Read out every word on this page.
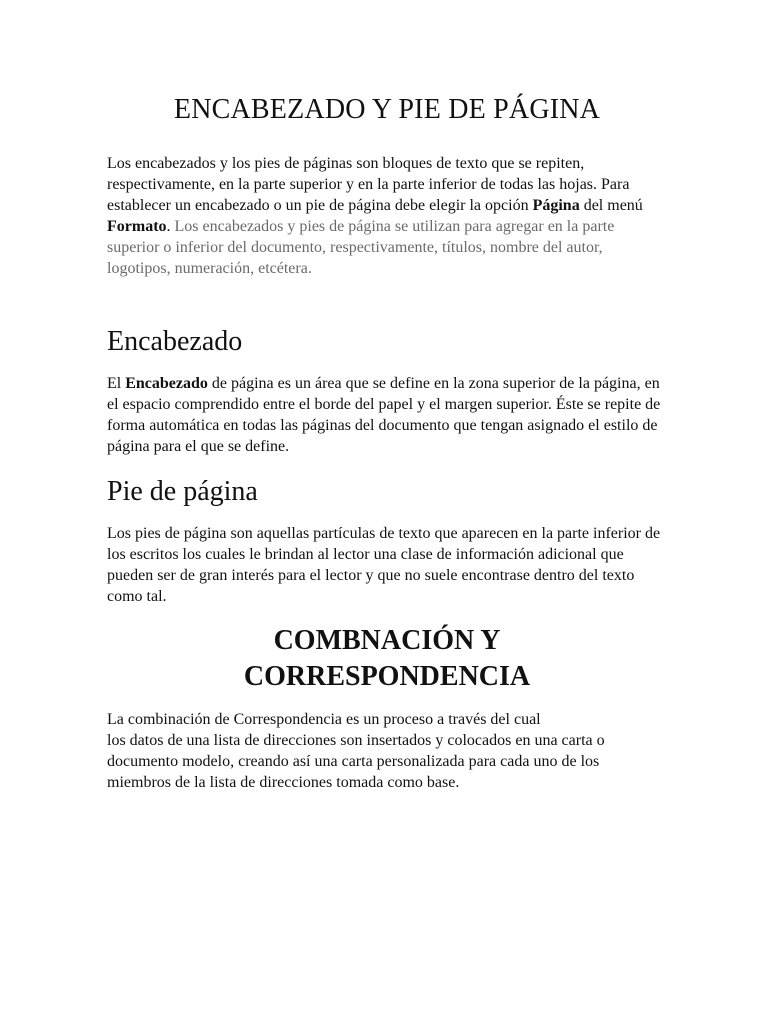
ENCABEZADO Y PIE DE PÁGINA

Los encabezados y los pies de páginas son bloques de texto que se repiten, respectivamente, en la parte superior y en la parte inferior de todas las hojas. Para establecer un encabezado o un pie de página debe elegir la opción Página del menú Formato. Los encabezados y pies de página se utilizan para agregar en la parte superior o inferior del documento, respectivamente, títulos, nombre del autor, logotipos, numeración, etcétera.

Encabezado

El Encabezado de página es un área que se define en la zona superior de la página, en el espacio comprendido entre el borde del papel y el margen superior. Éste se repite de forma automática en todas las páginas del documento que tengan asignado el estilo de página para el que se define.

Pie de página

Los pies de página son aquellas partículas de texto que aparecen en la parte inferior de los escritos los cuales le brindan al lector una clase de información adicional que pueden ser de gran interés para el lector y que no suele encontrase dentro del texto como tal.

COMBNACIÓN Y
CORRESPONDENCIA

La combinación de Correspondencia es un proceso a través del cual
los datos de una lista de direcciones son insertados y colocados en una carta o documento modelo, creando así una carta personalizada para cada uno de los miembros de la lista de direcciones tomada como base.
